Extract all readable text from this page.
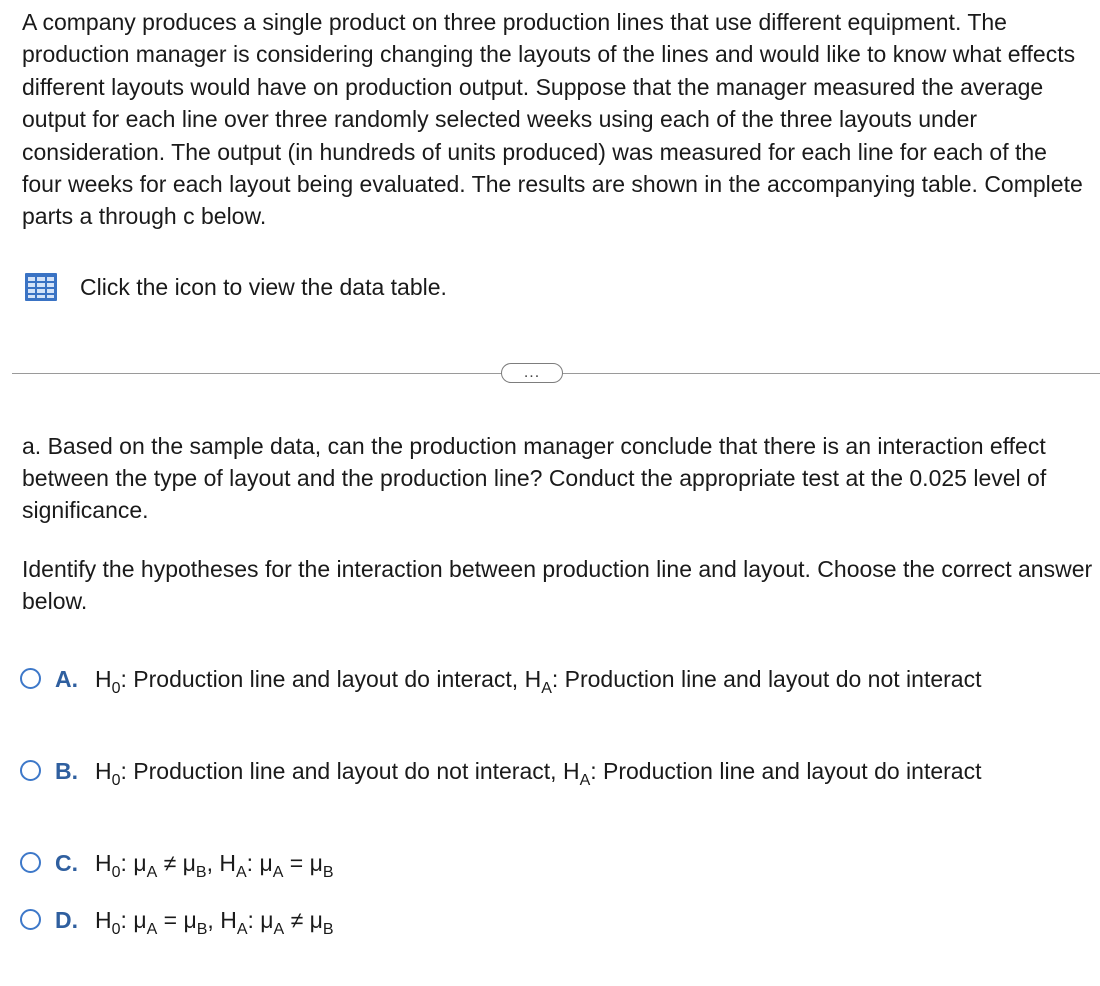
A company produces a single product on three production lines that use different equipment. The production manager is considering changing the layouts of the lines and would like to know what effects different layouts would have on production output. Suppose that the manager measured the average output for each line over three randomly selected weeks using each of the three layouts under consideration. The output (in hundreds of units produced) was measured for each line for each of the four weeks for each layout being evaluated. The results are shown in the accompanying table. Complete parts a through c below.

Click the icon to view the data table.
...

a. Based on the sample data, can the production manager conclude that there is an interaction effect between the type of layout and the production line? Conduct the appropriate test at the 0.025 level of significance.

Identify the hypotheses for the interaction between production line and layout. Choose the correct answer below.

A. $H_0$: Production line and layout do interact, $H_A$: Production line and layout do not interact
B. $H_0$: Production line and layout do not interact, $H_A$: Production line and layout do interact
C. $H_0$: $\mu_A \ne \mu_B$, $H_A$: $\mu_A = \mu_B$
D. $H_0$: $\mu_A = \mu_B$, $H_A$: $\mu_A \ne \mu_B$
